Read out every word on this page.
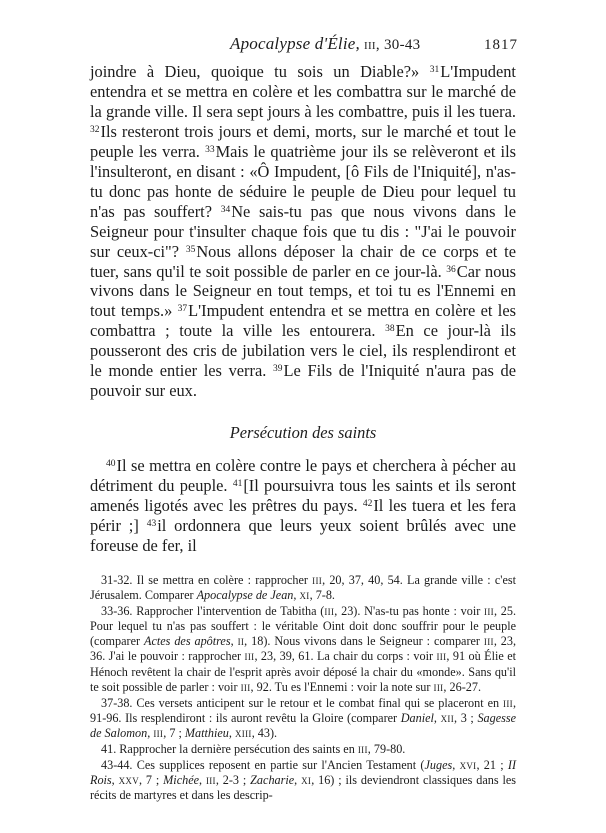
Apocalypse d'Élie, iii, 30-43	1817

joindre à Dieu, quoique tu sois un Diable?» $^{31}$L'Impudent entendra et se mettra en colère et les combattra sur le marché de la grande ville. Il sera sept jours à les combattre, puis il les tuera. $^{32}$Ils resteront trois jours et demi, morts, sur le marché et tout le peuple les verra. $^{33}$Mais le quatrième jour ils se relèveront et ils l'insulteront, en disant : «Ô Impudent, [ô Fils de l'Iniquité], n'as-tu donc pas honte de séduire le peuple de Dieu pour lequel tu n'as pas souffert? $^{34}$Ne sais-tu pas que nous vivons dans le Seigneur pour t'insulter chaque fois que tu dis : "J'ai le pouvoir sur ceux-ci"? $^{35}$Nous allons déposer la chair de ce corps et te tuer, sans qu'il te soit possible de parler en ce jour-là. $^{36}$Car nous vivons dans le Seigneur en tout temps, et toi tu es l'Ennemi en tout temps.» $^{37}$L'Impudent entendra et se mettra en colère et les combattra ; toute la ville les entourera. $^{38}$En ce jour-là ils pousseront des cris de jubilation vers le ciel, ils resplendiront et le monde entier les verra. $^{39}$Le Fils de l'Iniquité n'aura pas de pouvoir sur eux.

Persécution des saints

$^{40}$Il se mettra en colère contre le pays et cherchera à pécher au détriment du peuple. $^{41}$[Il poursuivra tous les saints et ils seront amenés ligotés avec les prêtres du pays. $^{42}$Il les tuera et les fera périr ;] $^{43}$il ordonnera que leurs yeux soient brûlés avec une foreuse de fer, il

31-32. Il se mettra en colère : rapprocher iii, 20, 37, 40, 54. La grande ville : c'est Jérusalem. Comparer Apocalypse de Jean, xi, 7-8.

33-36. Rapprocher l'intervention de Tabitha (iii, 23). N'as-tu pas honte : voir iii, 25. Pour lequel tu n'as pas souffert : le véritable Oint doit donc souffrir pour le peuple (comparer Actes des apôtres, ii, 18). Nous vivons dans le Seigneur : comparer iii, 23, 36. J'ai le pouvoir : rapprocher iii, 23, 39, 61. La chair du corps : voir iii, 91 où Élie et Hénoch revêtent la chair de l'esprit après avoir déposé la chair du «monde». Sans qu'il te soit possible de parler : voir iii, 92. Tu es l'Ennemi : voir la note sur iii, 26-27.

37-38. Ces versets anticipent sur le retour et le combat final qui se placeront en iii, 91-96. Ils resplendiront : ils auront revêtu la Gloire (comparer Daniel, xii, 3 ; Sagesse de Salomon, iii, 7 ; Matthieu, xiii, 43).

41. Rapprocher la dernière persécution des saints en iii, 79-80.

43-44. Ces supplices reposent en partie sur l'Ancien Testament (Juges, xvi, 21 ; II Rois, xxv, 7 ; Michée, iii, 2-3 ; Zacharie, xi, 16) ; ils deviendront classiques dans les récits de martyres et dans les descrip-
